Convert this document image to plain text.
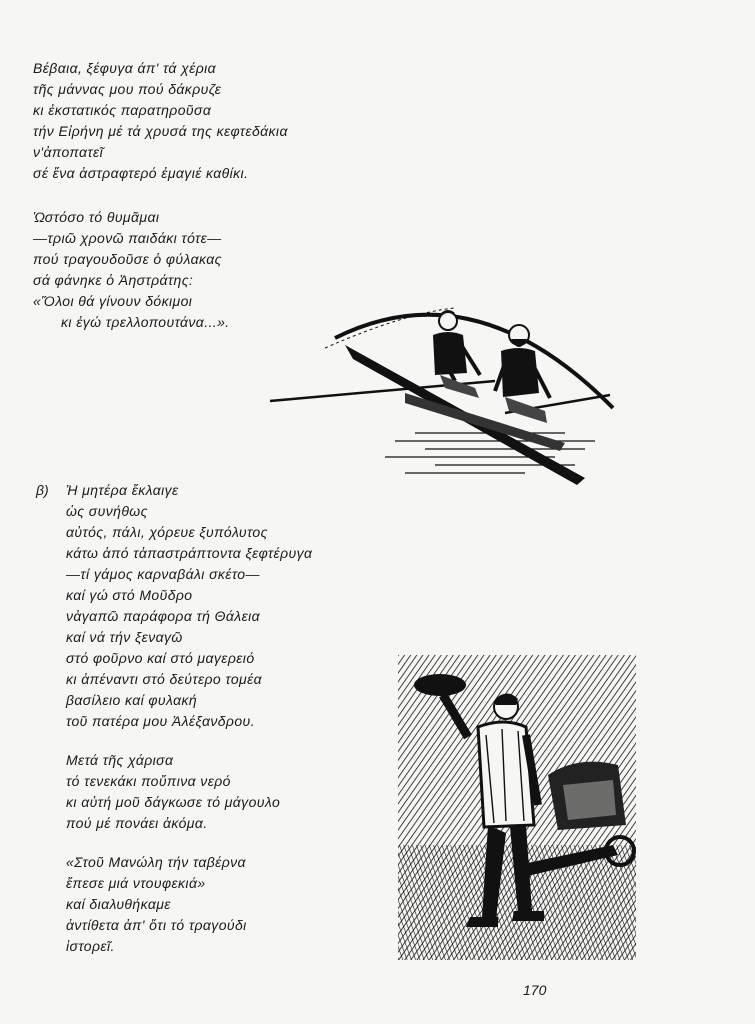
Βέβαια, ξέφυγα άπ' τά χέρια
τῆς μάννας μου πού δάκρυζε
κι ἐκστατικός παρατηροῦσα
τήν Εἰρήνη μέ τά χρυσά της κεφτεδάκια
ν'ἀποπατεῖ
σέ ἕνα ἀστραφτερό ἐμαγιέ καθίκι.
Ὡστόσο τό θυμᾶμαι
—τριῶ χρονῶ παιδάκι τότε—
πού τραγουδοῦσε ὁ φύλακας
σά φάνηκε ὁ Ἀηστράτης:
«Ὅλοι θά γίνουν δόκιμοι
κι ἐγώ τρελλοπουτάνα...».
β) Ἡ μητέρα ἔκλαιγε
ὡς συνήθως
αὐτός, πάλι, χόρευε ξυπόλυτος
κάτω ἀπό τἀπαστράπτοντα ξεφτέρυγα
—τί γάμος καρναβάλι σκέτο—
καί γώ στό Μοῦδρο
νἀγαπῶ παράφορα τή Θάλεια
καί νά τήν ξεναγῶ
στό φοῦρνο καί στό μαγερειό
κι ἀπέναντι στό δεύτερο τομέα
βασίλειο καί φυλακή
τοῦ πατέρα μου Ἀλέξανδρου.
Μετά τῆς χάρισα
τό τενεκάκι ποὔπινα νερό
κι αὐτή μοῦ δάγκωσε τό μάγουλο
πού μέ πονάει ἀκόμα.
«Στοῦ Μανώλη τήν ταβέρνα
ἔπεσε μιά ντουφεκιά»
καί διαλυθήκαμε
ἀντίθετα ἀπ' ὅτι τό τραγούδι
ἱστορεῖ.
170
